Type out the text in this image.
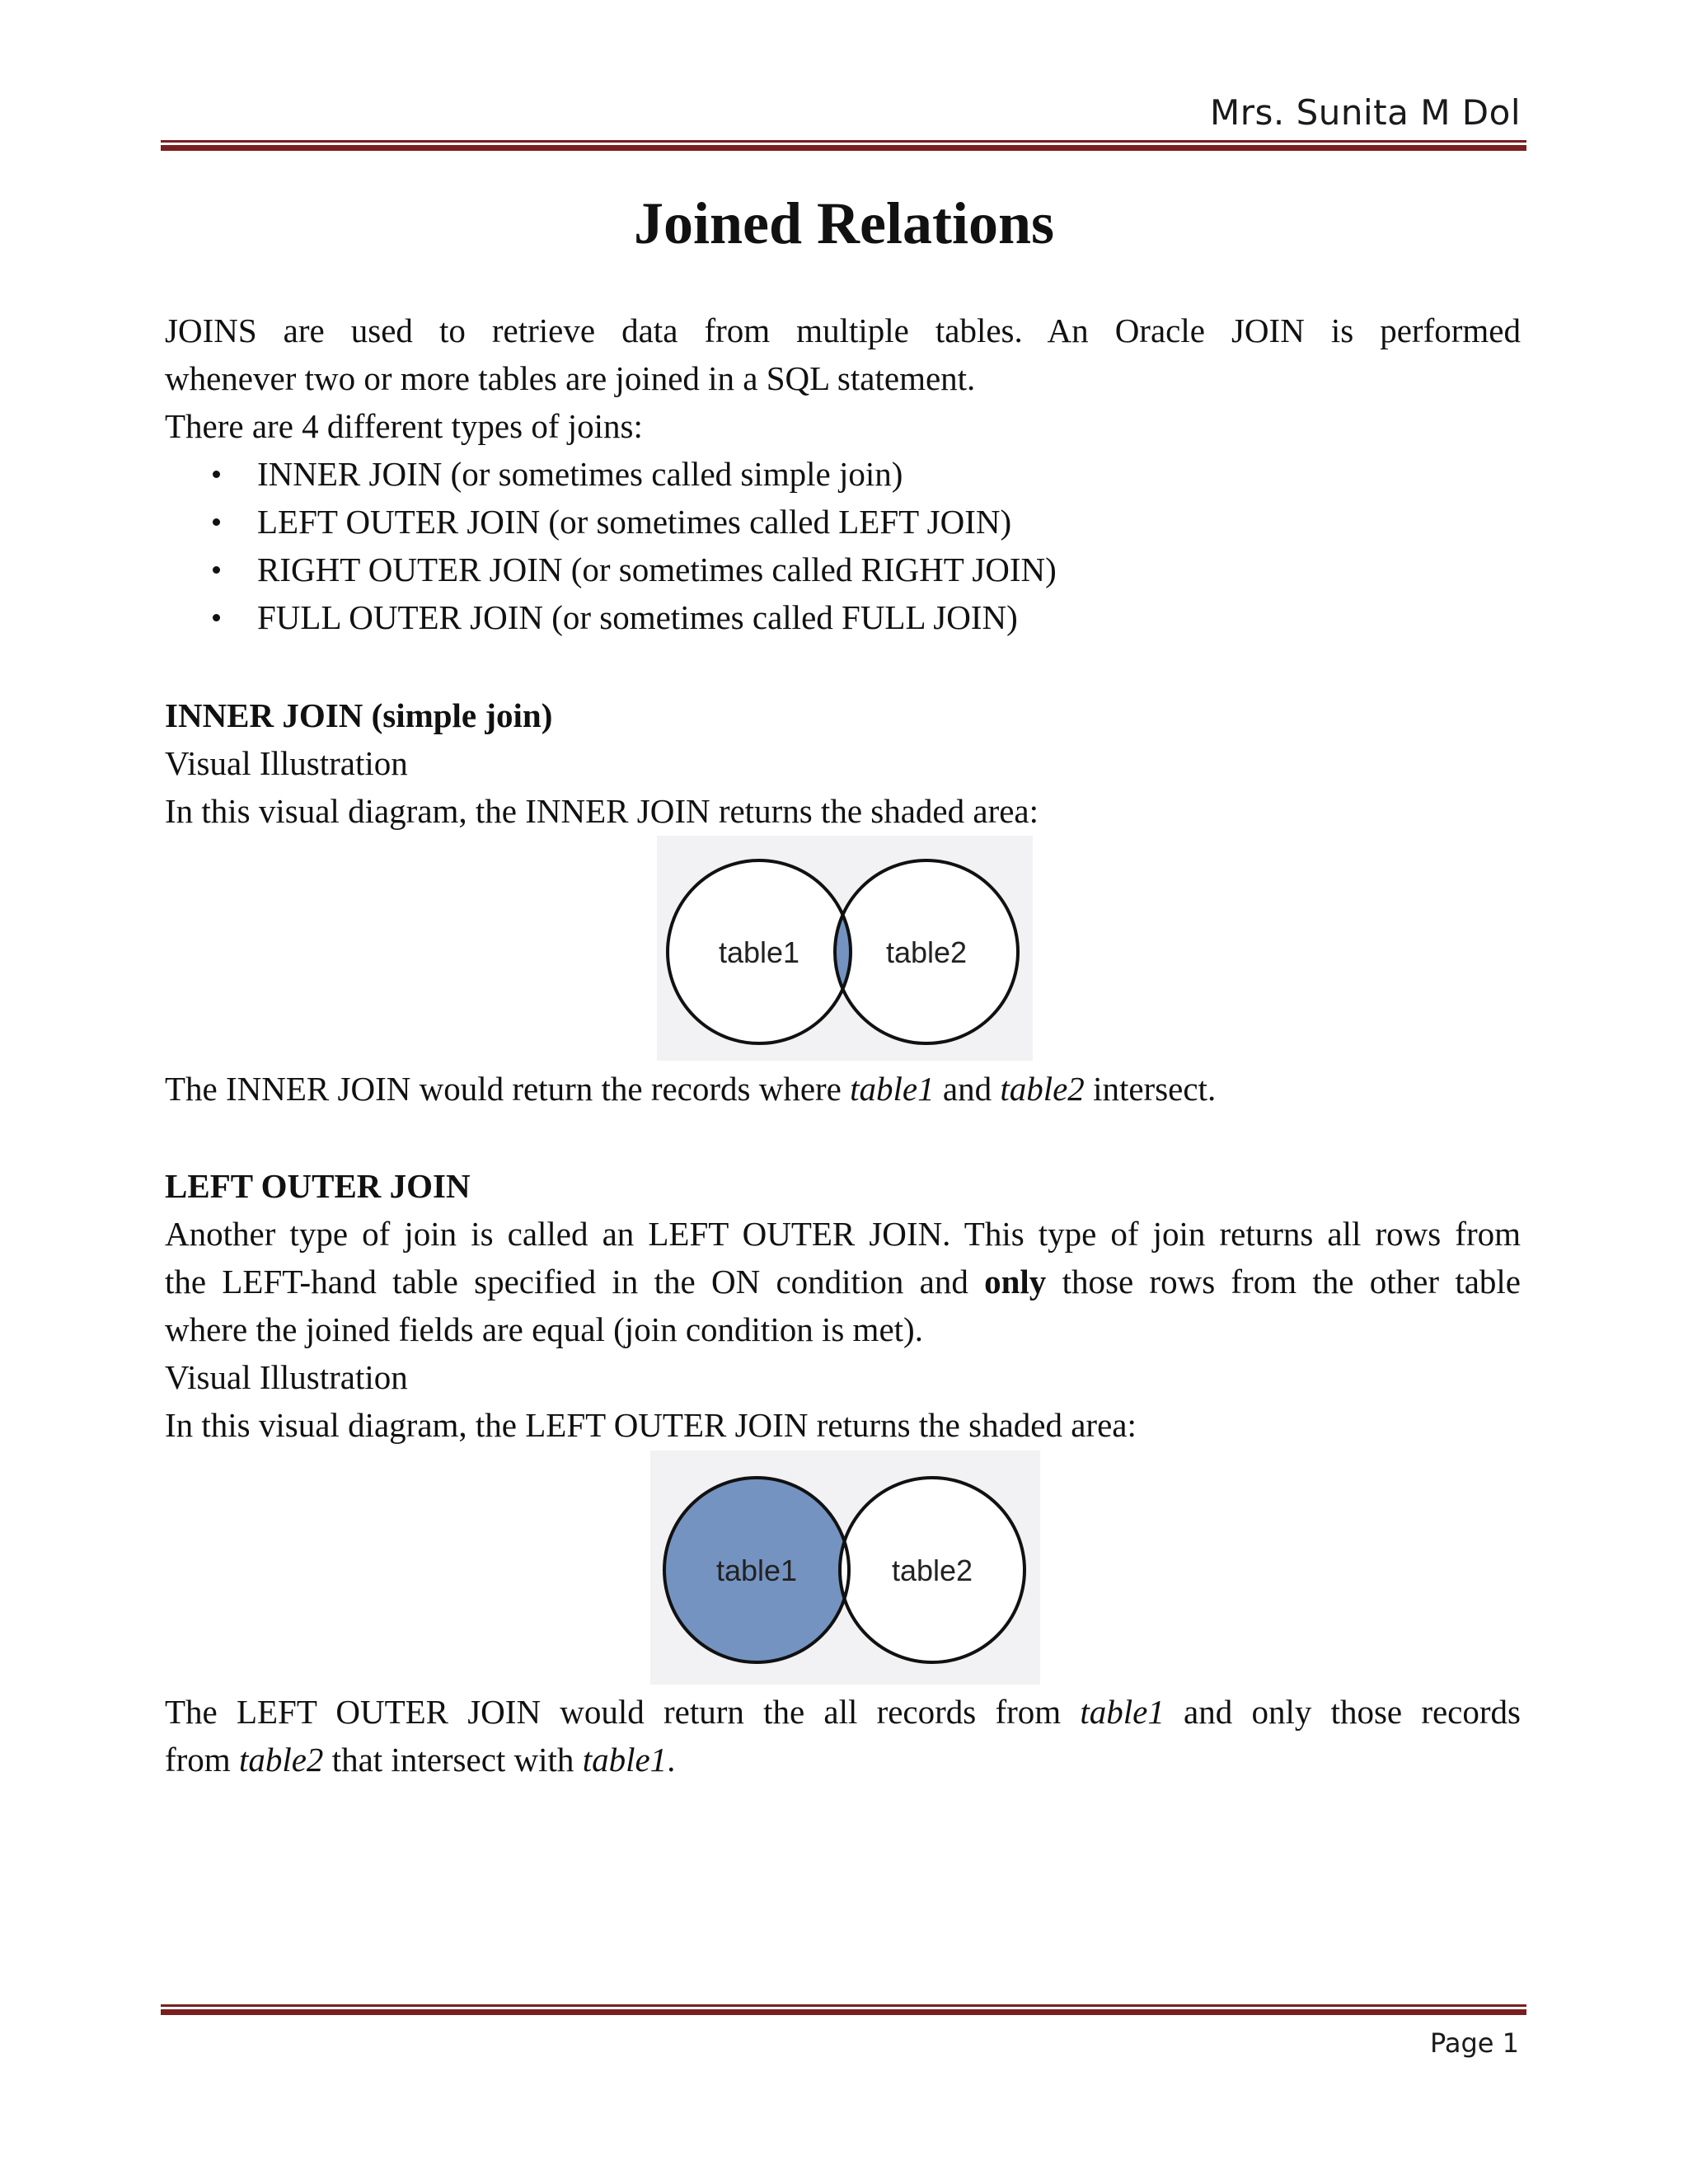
Mrs. Sunita M Dol
Joined Relations
JOINS are used to retrieve data from multiple tables. An Oracle JOIN is performed
whenever two or more tables are joined in a SQL statement.
There are 4 different types of joins:
INNER JOIN (or sometimes called simple join)
LEFT OUTER JOIN (or sometimes called LEFT JOIN)
RIGHT OUTER JOIN (or sometimes called RIGHT JOIN)
FULL OUTER JOIN (or sometimes called FULL JOIN)
INNER JOIN (simple join)
Visual Illustration
In this visual diagram, the INNER JOIN returns the shaded area:
table1	table2
The INNER JOIN would return the records where table1 and table2 intersect.
LEFT OUTER JOIN
Another type of join is called an LEFT OUTER JOIN. This type of join returns all rows from
the LEFT-hand table specified in the ON condition and only those rows from the other table
where the joined fields are equal (join condition is met).
Visual Illustration
In this visual diagram, the LEFT OUTER JOIN returns the shaded area:
table1	table2
The LEFT OUTER JOIN would return the all records from table1 and only those records
from table2 that intersect with table1.
Page 1
